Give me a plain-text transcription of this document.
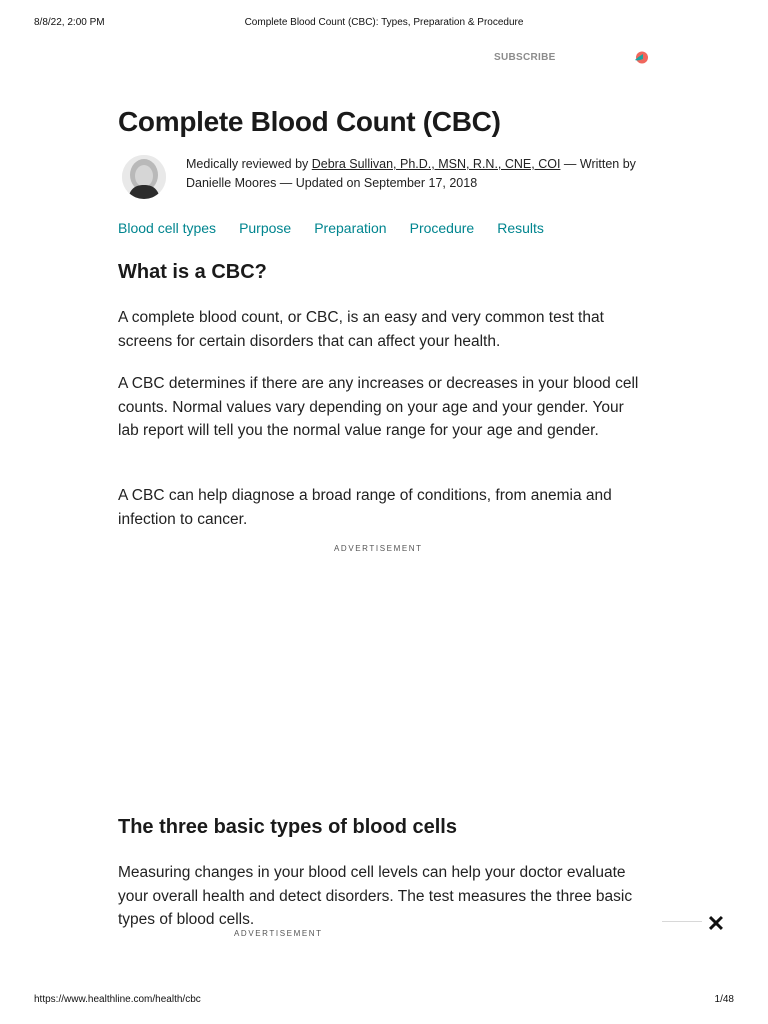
8/8/22, 2:00 PM	Complete Blood Count (CBC): Types, Preparation & Procedure
SUBSCRIBE
Complete Blood Count (CBC)
Medically reviewed by Debra Sullivan, Ph.D., MSN, R.N., CNE, COI — Written by Danielle Moores — Updated on September 17, 2018
Blood cell types Purpose Preparation Procedure Results
What is a CBC?

A complete blood count, or CBC, is an easy and very common test that screens for certain disorders that can affect your health.

A CBC determines if there are any increases or decreases in your blood cell counts. Normal values vary depending on your age and your gender. Your lab report will tell you the normal value range for your age and gender.

A CBC can help diagnose a broad range of conditions, from anemia and infection to cancer.

ADVERTISEMENT
The three basic types of blood cells

Measuring changes in your blood cell levels can help your doctor evaluate your overall health and detect disorders. The test measures the three basic types of blood cells.

ADVERTISEMENT	✕
https://www.healthline.com/health/cbc	1/48
